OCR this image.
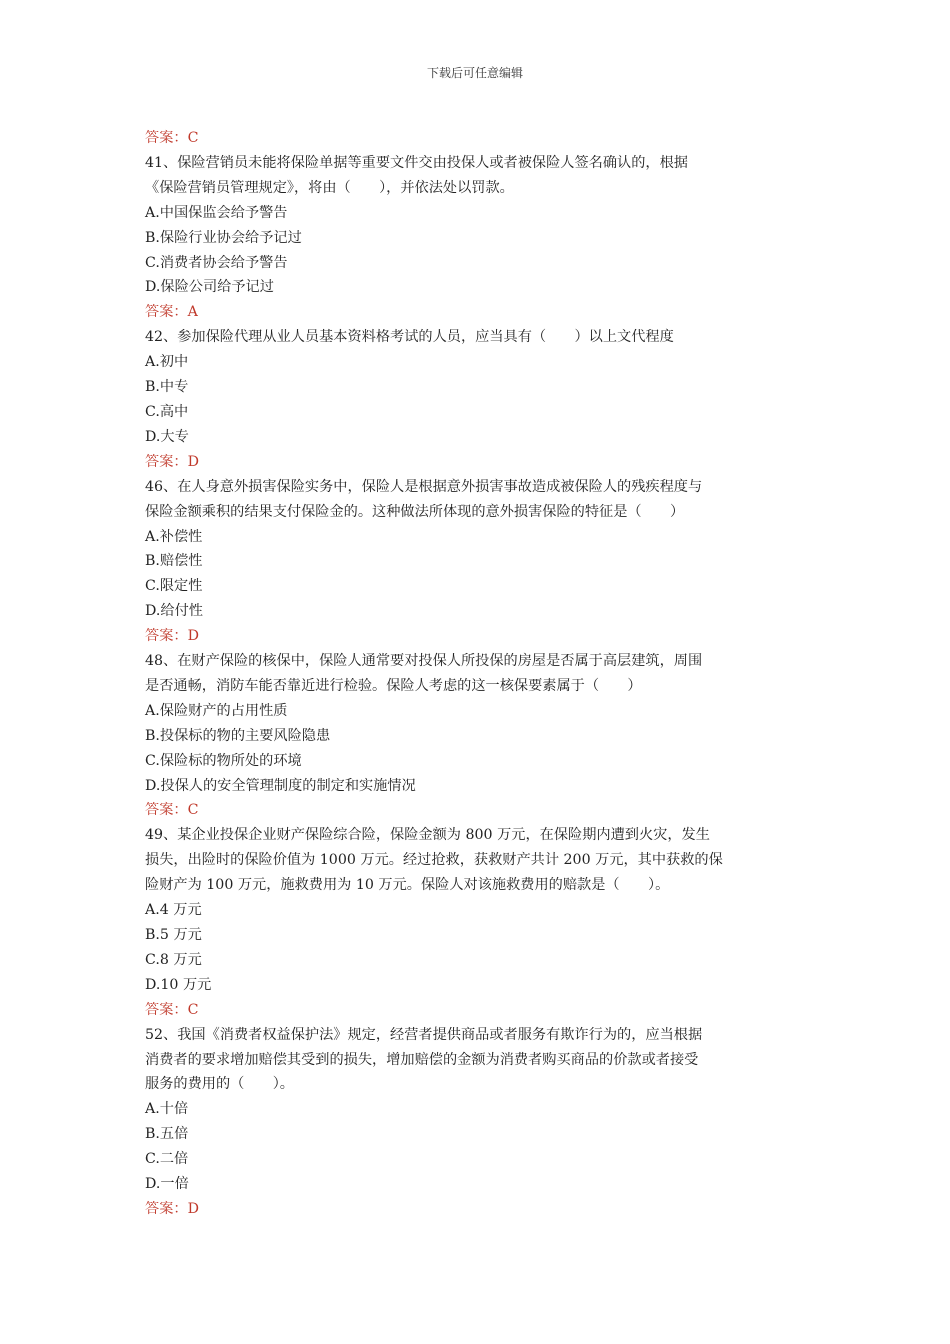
下载后可任意编辑
答案：C
41、保险营销员未能将保险单据等重要文件交由投保人或者被保险人签名确认的，根据
《保险营销员管理规定》，将由（　　），并依法处以罚款。
A.中国保监会给予警告
B.保险行业协会给予记过
C.消费者协会给予警告
D.保险公司给予记过
答案：A
42、参加保险代理从业人员基本资料格考试的人员，应当具有（　　）以上文代程度
A.初中
B.中专
C.高中
D.大专
答案：D
46、在人身意外损害保险实务中，保险人是根据意外损害事故造成被保险人的残疾程度与
保险金额乘积的结果支付保险金的。这种做法所体现的意外损害保险的特征是（　　）
A.补偿性
B.赔偿性
C.限定性
D.给付性
答案：D
48、在财产保险的核保中，保险人通常要对投保人所投保的房屋是否属于高层建筑，周围
是否通畅，消防车能否靠近进行检验。保险人考虑的这一核保要素属于（　　）
A.保险财产的占用性质
B.投保标的物的主要风险隐患
C.保险标的物所处的环境
D.投保人的安全管理制度的制定和实施情况
答案：C
49、某企业投保企业财产保险综合险，保险金额为 800 万元，在保险期内遭到火灾，发生
损失，出险时的保险价值为 1000 万元。经过抢救，获救财产共计 200 万元，其中获救的保
险财产为 100 万元，施救费用为 10 万元。保险人对该施救费用的赔款是（　　）。
A.4 万元
B.5 万元
C.8 万元
D.10 万元
答案：C
52、我国《消费者权益保护法》规定，经营者提供商品或者服务有欺诈行为的，应当根据
消费者的要求增加赔偿其受到的损失，增加赔偿的金额为消费者购买商品的价款或者接受
服务的费用的（　　）。
A.十倍
B.五倍
C.二倍
D.一倍
答案：D
